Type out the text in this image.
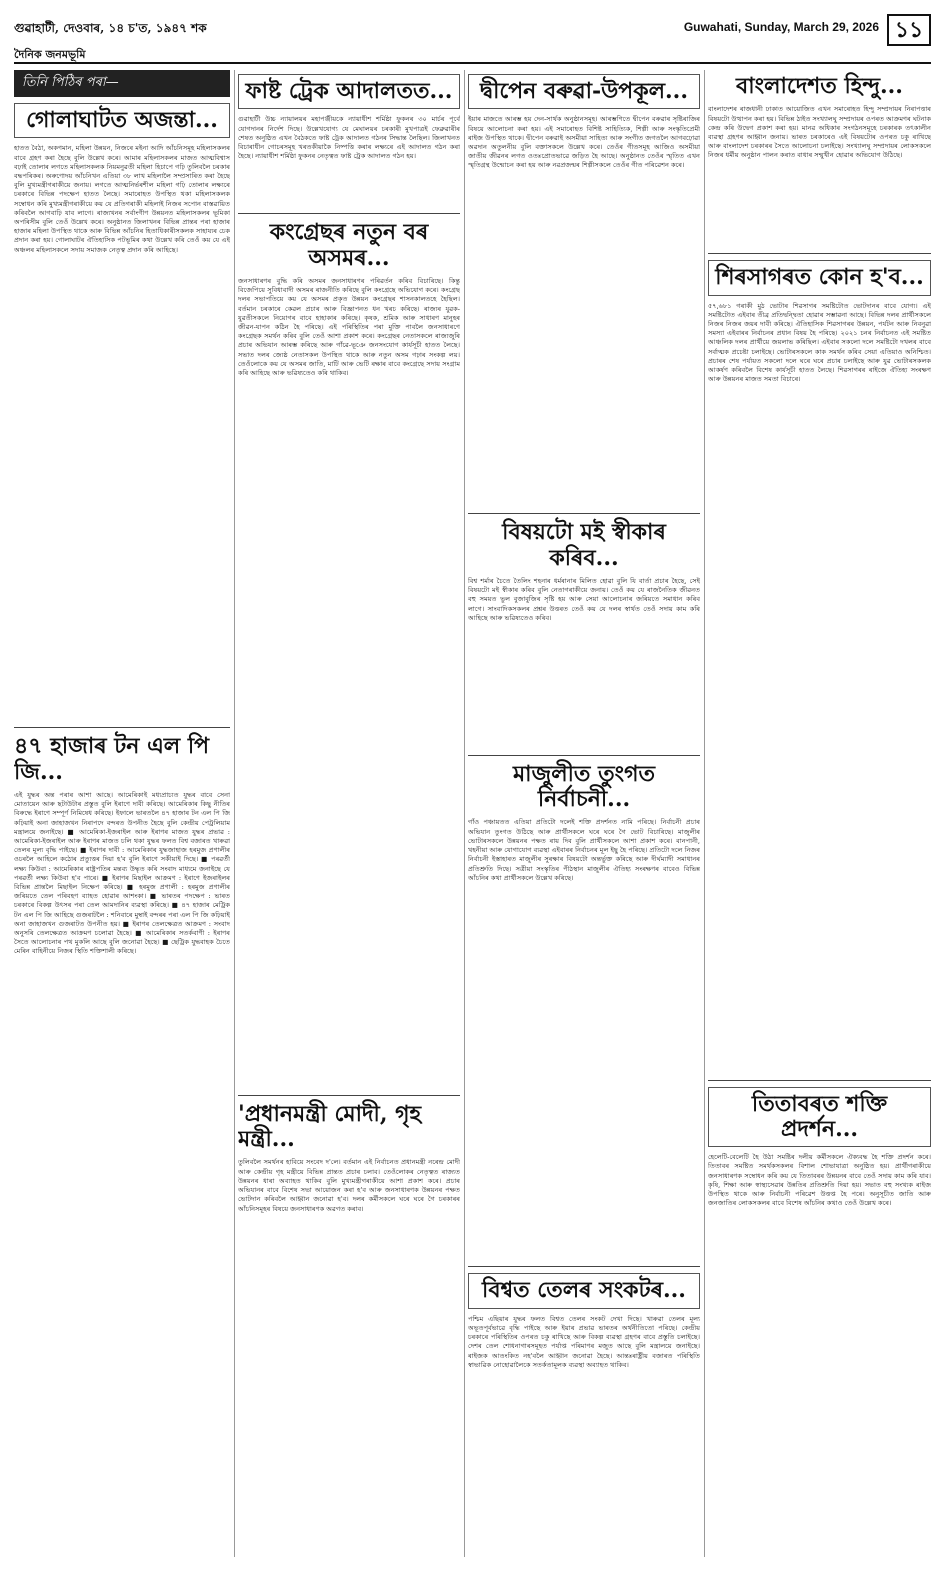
গুৱাহাটী, দেওবাৰ, ১৪ চ'ত, ১৯৪৭ শক	Guwahati, Sunday, March 29, 2026 ১১
দৈনিক জনমভূমি
তিনি পিঠিৰ পৰা—
গোলাঘাটত অজন্তা...

হাতত বৈঠা, অকণমান, মহিলা উন্নয়ন, নিজৰে মইনা আদি আঁচনিসমূহ মহিলাসকলৰ বাবে গ্ৰহণ কৰা হৈছে বুলি উল্লেখ কৰে। আমাৰ মহিলাসকলৰ মাজত আত্মবিশ্বাস বঢ়াই তোলাৰ লগতে মহিলাসকলক নিয়মনুৱতী মহিলা হিচাপে গঢ়ি তুলিবলৈ চৰকাৰ বদ্ধপৰিকৰ। অৰুণোদয় আঁচনিখন এতিয়া ৩৮ লাখ মহিলালৈ সম্প্ৰসাৰিত কৰা হৈছে বুলি মুখ্যমন্ত্ৰীগৰাকীয়ে জনায়। লগতে আত্মনিৰ্ভৰশীল মহিলা গঢ়ি তোলাৰ লক্ষ্যৰে চৰকাৰে বিভিন্ন পদক্ষেপ হাতত লৈছে। সমাৰোহত উপস্থিত থকা মহিলাসকলক সম্বোধন কৰি মুখ্যমন্ত্ৰীগৰাকীয়ে কয় যে প্ৰতিগৰাকী মহিলাই নিজৰ সপোন বাস্তৱায়িত কৰিবলৈ আগবাঢ়ি যাব লাগে। ৰাজ্যখনৰ সৰ্বাংগীণ উন্নয়নত মহিলাসকলৰ ভূমিকা অপৰিসীম বুলি তেওঁ উল্লেখ কৰে। অনুষ্ঠানত জিলাখনৰ বিভিন্ন প্ৰান্তৰ পৰা হাজাৰ হাজাৰ মহিলা উপস্থিত থাকে আৰু বিভিন্ন আঁচনিৰ হিতাধিকাৰীসকলক সাহায্যৰ চেক প্ৰদান কৰা হয়। গোলাঘাটৰ ঐতিহাসিক পটভূমিৰ কথা উল্লেখ কৰি তেওঁ কয় যে এই অঞ্চলৰ মহিলাসকলে সদায় সমাজক নেতৃত্ব প্ৰদান কৰি আহিছে।

৪৭ হাজাৰ টন এল পি জি...

এই যুদ্ধৰ অন্ত পৰাৰ আশা আছে। আমেৰিকাই মধ্যপ্ৰাচ্যত যুদ্ধৰ বাবে সেনা মোতায়েন আৰু ছটাউটাৰ প্ৰস্তুত বুলি ইৰাণে দাবী কৰিছে। আমেৰিকাৰ কিছু নীতিৰ বিৰুদ্ধে ইৰাণে সম্পূৰ্ণ নিমিষেধ কৰিছে। ইফালে ভাৰতলৈ ৪৭ হাজাৰ টন এল পি জি কঢ়িয়াই অনা জাহাজখন নিৰাপদে বন্দৰত উপনীত হৈছে বুলি কেন্দ্ৰীয় পেট্ৰলিয়াম মন্ত্ৰালয়ে জনাইছে। ■ আমেৰিকা-ইজৰাইল আৰু ইৰাণৰ মাজত যুদ্ধৰ প্ৰভাৱ : আমেৰিকা-ইজৰাইল আৰু ইৰাণৰ মাজত চলি থকা যুদ্ধৰ ফলত বিশ্ব বজাৰত খাৰুৱা তেলৰ মূল্য বৃদ্ধি পাইছে। ■ ইৰাণৰ দাবী : আমেৰিকাৰ যুদ্ধজাহাজ হৰমুজ প্ৰণালীৰ ওচৰলৈ আহিলে কঠোৰ প্ৰত্যুত্তৰ দিয়া হ'ব বুলি ইৰাণে সকীয়াই দিছে। ■ পৰৱৰ্তী লক্ষ্য কিউবা : আমেৰিকাৰ ৰাষ্ট্ৰপতিৰ মন্তব্য উদ্ধৃত কৰি সংবাদ মাধ্যমে জনাইছে যে পৰৱৰ্তী লক্ষ্য কিউবা হ'ব পাৰে। ■ ইৰাণৰ মিছাইল আক্ৰমণ : ইৰাণে ইজৰাইলৰ বিভিন্ন প্ৰান্তলৈ মিছাইল নিক্ষেপ কৰিছে। ■ হৰমুজ প্ৰণালী : হৰমুজ প্ৰণালীৰ জৰিয়তে তেল পৰিবহণ ব্যাহত হোৱাৰ আশংকা। ■ ভাৰতৰ পদক্ষেপ : ভাৰত চৰকাৰে বিকল্প উৎসৰ পৰা তেল আমদানিৰ ব্যৱস্থা কৰিছে। ■ ৪৭ হাজাৰ মেট্ৰিক টন এল পি জি আহিছে গুজৰাটলৈ : শনিবাৰে মুম্বাই বন্দৰৰ পৰা এল পি জি কঢ়িয়াই অনা জাহাজখন গুজৰাটত উপনীত হয়। ■ ইৰাণৰ তেলক্ষেত্ৰত আক্ৰমণ : সংবাদ অনুসৰি তেলক্ষেত্ৰত আক্ৰমণ চলোৱা হৈছে। ■ আমেৰিকাৰ সতৰ্কবাণী : ইৰাণৰ সৈতে আলোচনাৰ পথ মুকলি আছে বুলি জনোৱা হৈছে। ■ ছেট্ৰিক যুদ্ধবাহক চৈতে মেৰিন বাহিনীয়ে নিজৰ স্থিতি শক্তিশালী কৰিছে।

ফাষ্ট ট্ৰেক আদালতত...

গুৱাহাটী উচ্চ ন্যায়ালয়ৰ মহাপঞ্জীয়কে ন্যায়াধীশ শৰ্মিষ্ঠা ফুকনৰ ৩০ মাৰ্চৰ পূৰ্বে যোগদানৰ নিৰ্দেশ দিছে। উল্লেখযোগ্য যে মেঘালয়ৰ চৰকাৰী মুখপাত্ৰই ফেব্ৰুৱাৰীৰ শেষত অনুষ্ঠিত এখন বৈঠকতে ফাষ্ট ট্ৰেক আদালত গঠনৰ সিদ্ধান্ত লৈছিল। জিলাখনত বিচাৰাধীন গোচৰসমূহ খৰতকীয়াকৈ নিষ্পত্তি কৰাৰ লক্ষ্যৰে এই আদালত গঠন কৰা হৈছে। ন্যায়াধীশ শৰ্মিষ্ঠা ফুকনৰ নেতৃত্বত ফাষ্ট ট্ৰেক আদালত গঠন হয়।

কংগ্ৰেছৰ নতুন বৰ অসমৰ...

জনসাধাৰণৰ বুদ্ধি কৰি অসমৰ জনসাধাৰণৰ পৰিৱৰ্তন কৰিব বিচাৰিছে। কিন্তু বিজেপিয়ে সুবিধাবাদী অসমৰ ৰাজনীতি কৰিছে বুলি কংগ্ৰেছে অভিযোগ কৰে। কংগ্ৰেছ দলৰ সভাপতিয়ে কয় যে অসমৰ প্ৰকৃত উন্নয়ন কংগ্ৰেছৰ শাসনকালতহে হৈছিল। বৰ্তমান চৰকাৰে কেৱল প্ৰচাৰ আৰু বিজ্ঞাপনত ধন খৰচ কৰিছে। ৰাজ্যৰ যুৱক-যুৱতীসকলে নিয়োগৰ বাবে হাহাকাৰ কৰিছে। কৃষক, শ্ৰমিক আৰু সাধাৰণ মানুহৰ জীৱন-যাপন কঠিন হৈ পৰিছে। এই পৰিস্থিতিৰ পৰা মুক্তি পাবলৈ জনসাধাৰণে কংগ্ৰেছক সমৰ্থন কৰিব বুলি তেওঁ আশা প্ৰকাশ কৰে। কংগ্ৰেছৰ নেতাসকলে ৰাজ্যজুৰি প্ৰচাৰ অভিযান আৰম্ভ কৰিছে আৰু গাঁৱে-ভূঞে জনসংযোগ কাৰ্যসূচী হাতত লৈছে। সভাত দলৰ জ্যেষ্ঠ নেতাসকল উপস্থিত থাকে আৰু নতুন অসম গঢ়াৰ সংকল্প লয়। তেওঁলোকে কয় যে অসমৰ জাতি, মাটি আৰু ভেটি ৰক্ষাৰ বাবে কংগ্ৰেছে সদায় সংগ্ৰাম কৰি আহিছে আৰু ভৱিষ্যতেও কৰি থাকিব।

'প্ৰধানমন্ত্ৰী মোদী, গৃহ মন্ত্ৰী...

তুলিবলৈ সমৰ্থনৰ হাবিয়ে সংবেদ দ'লে। বৰ্তমান এই নিৰ্বাচনত প্ৰধানমন্ত্ৰী নৰেন্দ্ৰ মোদী আৰু কেন্দ্ৰীয় গৃহ মন্ত্ৰীয়ে বিভিন্ন প্ৰান্তত প্ৰচাৰ চলাব। তেওঁলোকৰ নেতৃত্বত ৰাজ্যত উন্নয়নৰ ধাৰা অব্যাহত থাকিব বুলি মুখ্যমন্ত্ৰীগৰাকীয়ে আশা প্ৰকাশ কৰে। প্ৰচাৰ অভিযানৰ বাবে বিশেষ সভা আয়োজন কৰা হ'ব আৰু জনসাধাৰণক উন্নয়নৰ পক্ষত ভোটদান কৰিবলৈ আহ্বান জনোৱা হ'ব। দলৰ কৰ্মীসকলে ঘৰে ঘৰে গৈ চৰকাৰৰ আঁচনিসমূহৰ বিষয়ে জনসাধাৰণক অৱগত কৰাব।

দ্বীপেন বৰুৱা-উপকূল...

ইয়াৰ মাজতে আৰম্ভ হয় দেন-সাৰ্থক অনুষ্ঠানসমূহ। আৰম্ভণিতে দ্বীপেন বৰুৱাৰ সৃষ্টিৰাজিৰ বিষয়ে আলোচনা কৰা হয়। এই সমাৰোহত বিশিষ্ট সাহিত্যিক, শিল্পী আৰু সংস্কৃতিপ্ৰেমী ৰাইজ উপস্থিত থাকে। দ্বীপেন বৰুৱাই অসমীয়া সাহিত্য আৰু সংগীত জগতলৈ আগবঢ়োৱা অৱদান অতুলনীয় বুলি বক্তাসকলে উল্লেখ কৰে। তেওঁৰ গীতসমূহ আজিও অসমীয়া জাতীয় জীৱনৰ লগত ওতঃপ্ৰোতভাৱে জড়িত হৈ আছে। অনুষ্ঠানত তেওঁৰ স্মৃতিত এখন স্মৃতিগ্ৰন্থ উন্মোচন কৰা হয় আৰু নৱপ্ৰজন্মৰ শিল্পীসকলে তেওঁৰ গীত পৰিৱেশন কৰে।

বিষয়টো মই স্বীকাৰ কৰিব...

বিশ্ব শৰ্মাৰ চৈতে তৈলিং শহনাৰ ধৰ্মৰানাৰ মিলিত হোৱা বুলি যি বাৰ্তা প্ৰচাৰ হৈছে, সেই বিষয়টো মই স্বীকাৰ কৰিব বুলি নেতাগৰাকীয়ে জনায়। তেওঁ কয় যে ৰাজনৈতিক জীৱনত বহু সময়ত ভুল বুজাবুজিৰ সৃষ্টি হয় আৰু সেয়া আলোচনাৰ জৰিয়তে সমাধান কৰিব লাগে। সাংবাদিকসকলৰ প্ৰশ্নৰ উত্তৰত তেওঁ কয় যে দলৰ স্বাৰ্থত তেওঁ সদায় কাম কৰি আহিছে আৰু ভৱিষ্যতেও কৰিব।

মাজুলীত তুংগত নিৰ্বাচনী...

গাঁও পঞ্চায়তত এতিয়া প্ৰতিটো দলেই শক্তি প্ৰদৰ্শনত নামি পৰিছে। নিৰ্বাচনী প্ৰচাৰ অভিযান তুংগত উঠিছে আৰু প্ৰাৰ্থীসকলে ঘৰে ঘৰে গৈ ভোট বিচাৰিছে। মাজুলীৰ ভোটাৰসকলে উন্নয়নৰ পক্ষত ৰায় দিব বুলি প্ৰাৰ্থীসকলে আশা প্ৰকাশ কৰে। বানপানী, খহনীয়া আৰু যোগাযোগ ব্যৱস্থা এইবাৰৰ নিৰ্বাচনৰ মূল ইছু হৈ পৰিছে। প্ৰতিটো দলে নিজৰ নিৰ্বাচনী ইস্তাহাৰত মাজুলীৰ সুৰক্ষাৰ বিষয়টো অন্তৰ্ভুক্ত কৰিছে আৰু দীৰ্ঘম্যাদী সমাধানৰ প্ৰতিশ্ৰুতি দিছে। সত্ৰীয়া সংস্কৃতিৰ পীঠস্থান মাজুলীৰ ঐতিহ্য সংৰক্ষণৰ বাবেও বিভিন্ন আঁচনিৰ কথা প্ৰাৰ্থীসকলে উল্লেখ কৰিছে।

বিশ্বত তেলৰ সংকটৰ...

পশ্চিম এছিয়াৰ যুদ্ধৰ ফলত বিশ্বত তেলৰ সংকট দেখা দিছে। খাৰুৱা তেলৰ মূল্য অভূতপূৰ্বভাৱে বৃদ্ধি পাইছে আৰু ইয়াৰ প্ৰভাৱ ভাৰতৰ অৰ্থনীতিতো পৰিছে। কেন্দ্ৰীয় চৰকাৰে পৰিস্থিতিৰ ওপৰত চকু ৰাখিছে আৰু বিকল্প ব্যৱস্থা গ্ৰহণৰ বাবে প্ৰস্তুতি চলাইছে। দেশৰ তেল শোধনাগাৰসমূহত পৰ্যাপ্ত পৰিমাণৰ মজুত আছে বুলি মন্ত্ৰালয়ে জনাইছে। ৰাইজক আতংকিত নহ'বলৈ আহ্বান জনোৱা হৈছে। আন্তঃৰাষ্ট্ৰীয় বজাৰত পৰিস্থিতি স্বাভাৱিক নোহোৱালৈকে সতৰ্কতামূলক ব্যৱস্থা অব্যাহত থাকিব।

বাংলাদেশত হিন্দু...

বাংলাদেশৰ ৰাজধানী ঢাকাত আয়োজিত এখন সমাৰোহত হিন্দু সম্প্ৰদায়ৰ নিৰাপত্তাৰ বিষয়টো উত্থাপন কৰা হয়। বিভিন্ন ঠাইত সংখ্যালঘু সম্প্ৰদায়ৰ ওপৰত আক্ৰমণৰ ঘটনাক কেন্দ্ৰ কৰি উদ্বেগ প্ৰকাশ কৰা হয়। মানৱ অধিকাৰ সংগঠনসমূহে চৰকাৰক তৎকালীন ব্যৱস্থা গ্ৰহণৰ আহ্বান জনায়। ভাৰত চৰকাৰেও এই বিষয়টোৰ ওপৰত চকু ৰাখিছে আৰু বাংলাদেশ চৰকাৰৰ সৈতে আলোচনা চলাইছে। সংখ্যালঘু সম্প্ৰদায়ৰ লোকসকলে নিজৰ ধৰ্মীয় অনুষ্ঠান পালন কৰাত বাধাৰ সন্মুখীন হোৱাৰ অভিযোগ উঠিছে।

শিৰসাগৰত কোন হ'ব...

৫৭,৬৮১ গৰাকী মুঠ ভোটাৰ শিৱসাগৰ সমষ্টিটোত ভোটদানৰ বাবে যোগ্য। এই সমষ্টিটোত এইবাৰ তীব্ৰ প্ৰতিদ্বন্দ্বিতা হোৱাৰ সম্ভাৱনা আছে। বিভিন্ন দলৰ প্ৰাৰ্থীসকলে নিজৰ নিজৰ জয়ৰ দাবী কৰিছে। ঐতিহাসিক শিৱসাগৰৰ উন্নয়ন, পৰ্যটন আৰু নিবনুৱা সমস্যা এইবাৰৰ নিৰ্বাচনৰ প্ৰধান বিষয় হৈ পৰিছে। ২০২১ চনৰ নিৰ্বাচনত এই সমষ্টিত আঞ্চলিক দলৰ প্ৰাৰ্থীয়ে জয়লাভ কৰিছিল। এইবাৰ সকলো দলে সমষ্টিটো দখলৰ বাবে সৰ্বাত্মক প্ৰচেষ্টা চলাইছে। ভোটাৰসকলে কাক সমৰ্থন কৰিব সেয়া এতিয়াও অনিশ্চিত। প্ৰচাৰৰ শেষ পৰ্যায়ত সকলো দলে ঘৰে ঘৰে প্ৰচাৰ চলাইছে আৰু যুৱ ভোটাৰসকলক আকৰ্ষণ কৰিবলৈ বিশেষ কাৰ্যসূচী হাতত লৈছে। শিৱসাগৰৰ ৰাইজে ঐতিহ্য সংৰক্ষণ আৰু উন্নয়নৰ মাজত সমতা বিচাৰে।

তিতাবৰত শক্তি প্ৰদৰ্শন...

হেলেটি-বেলেটি হৈ উঠা সমষ্টিৰ দলীয় কৰ্মীসকলে ঐক্যবদ্ধ হৈ শক্তি প্ৰদৰ্শন কৰে। তিতাবৰ সমষ্টিত সমৰ্থকসকলৰ বিশাল শোভাযাত্ৰা অনুষ্ঠিত হয়। প্ৰাৰ্থীগৰাকীয়ে জনসাধাৰণক সম্বোধন কৰি কয় যে তিতাবৰৰ উন্নয়নৰ বাবে তেওঁ সদায় কাম কৰি যাব। কৃষি, শিক্ষা আৰু স্বাস্থ্যসেৱাৰ উন্নতিৰ প্ৰতিশ্ৰুতি দিয়া হয়। সভাত বহু সংখ্যক ৰাইজ উপস্থিত থাকে আৰু নিৰ্বাচনী পৰিৱেশ উত্তপ্ত হৈ পৰে। অনুসূচীত জাতি আৰু জনজাতিৰ লোকসকলৰ বাবে বিশেষ আঁচনিৰ কথাও তেওঁ উল্লেখ কৰে।
